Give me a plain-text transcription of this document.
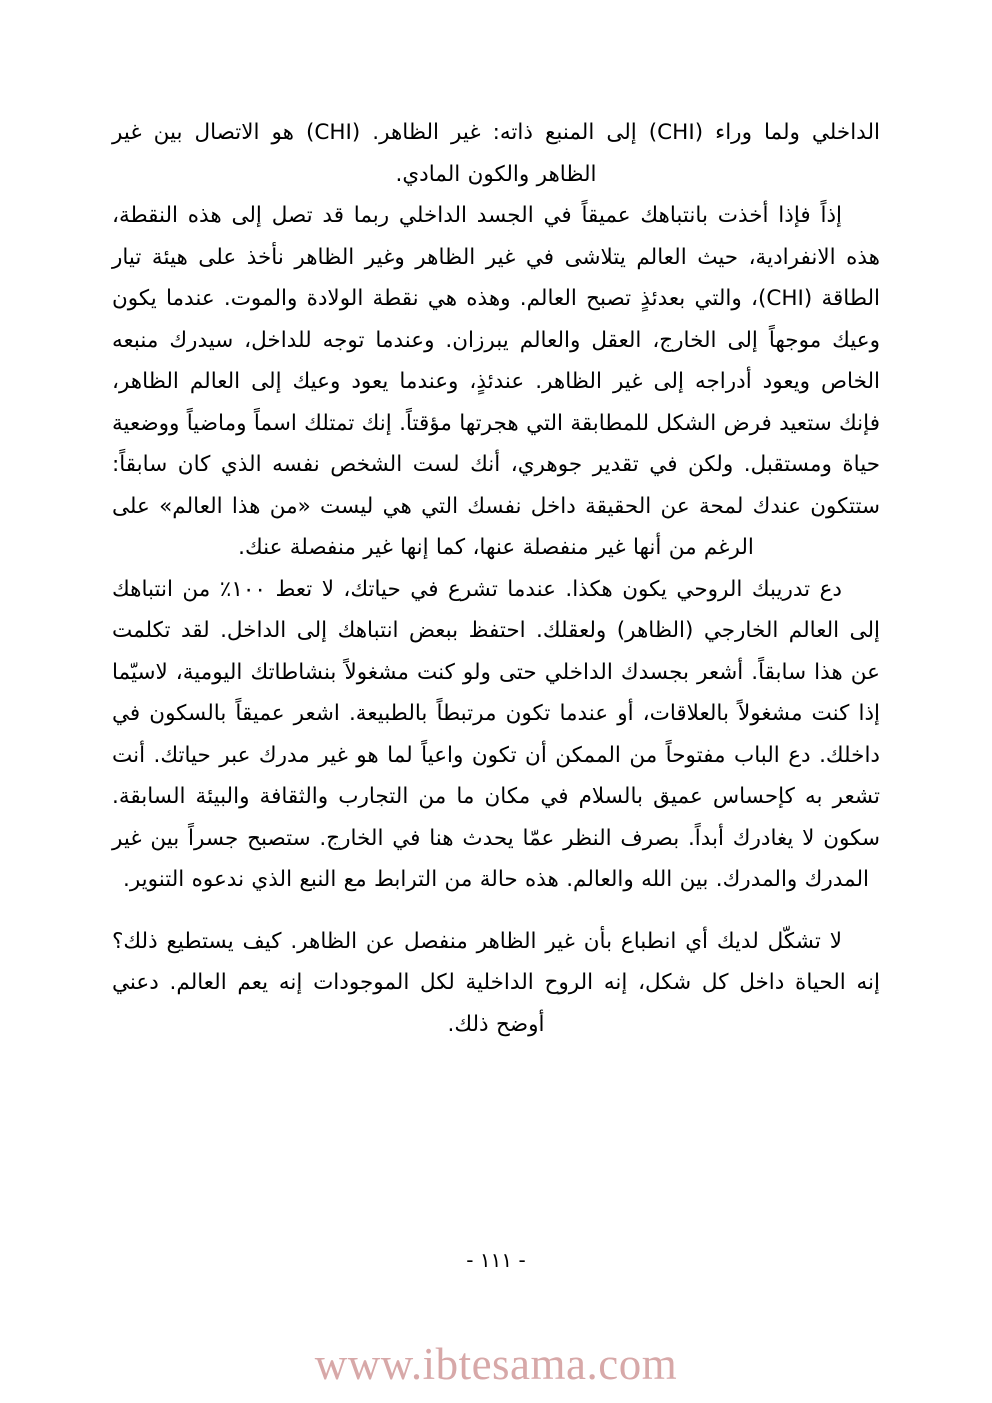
الداخلي ولما وراء (CHI) إلى المنبع ذاته: غير الظاهر. (CHI) هو الاتصال بين غير الظاهر والكون المادي.

إذاً فإذا أخذت بانتباهك عميقاً في الجسد الداخلي ربما قد تصل إلى هذه النقطة، هذه الانفرادية، حيث العالم يتلاشى في غير الظاهر وغير الظاهر نأخذ على هيئة تيار الطاقة (CHI)، والتي بعدئذٍ تصبح العالم. وهذه هي نقطة الولادة والموت. عندما يكون وعيك موجهاً إلى الخارج، العقل والعالم يبرزان. وعندما توجه للداخل، سيدرك منبعه الخاص ويعود أدراجه إلى غير الظاهر. عندئذٍ، وعندما يعود وعيك إلى العالم الظاهر، فإنك ستعيد فرض الشكل للمطابقة التي هجرتها مؤقتاً. إنك تمتلك اسماً وماضياً ووضعية حياة ومستقبل. ولكن في تقدير جوهري، أنك لست الشخص نفسه الذي كان سابقاً: ستتكون عندك لمحة عن الحقيقة داخل نفسك التي هي ليست «من هذا العالم» على الرغم من أنها غير منفصلة عنها، كما إنها غير منفصلة عنك.

دع تدريبك الروحي يكون هكذا. عندما تشرع في حياتك، لا تعط ١٠٠٪ من انتباهك إلى العالم الخارجي (الظاهر) ولعقلك. احتفظ ببعض انتباهك إلى الداخل. لقد تكلمت عن هذا سابقاً. أشعر بجسدك الداخلي حتى ولو كنت مشغولاً بنشاطاتك اليومية، لاسيّما إذا كنت مشغولاً بالعلاقات، أو عندما تكون مرتبطاً بالطبيعة. اشعر عميقاً بالسكون في داخلك. دع الباب مفتوحاً من الممكن أن تكون واعياً لما هو غير مدرك عبر حياتك. أنت تشعر به كإحساس عميق بالسلام في مكان ما من التجارب والثقافة والبيئة السابقة. سكون لا يغادرك أبداً. بصرف النظر عمّا يحدث هنا في الخارج. ستصبح جسراً بين غير المدرك والمدرك. بين الله والعالم. هذه حالة من الترابط مع النبع الذي ندعوه التنوير.

لا تشكّل لديك أي انطباع بأن غير الظاهر منفصل عن الظاهر. كيف يستطيع ذلك؟ إنه الحياة داخل كل شكل، إنه الروح الداخلية لكل الموجودات إنه يعم العالم. دعني أوضح ذلك.

- ١١١ -
www.ibtesama.com
